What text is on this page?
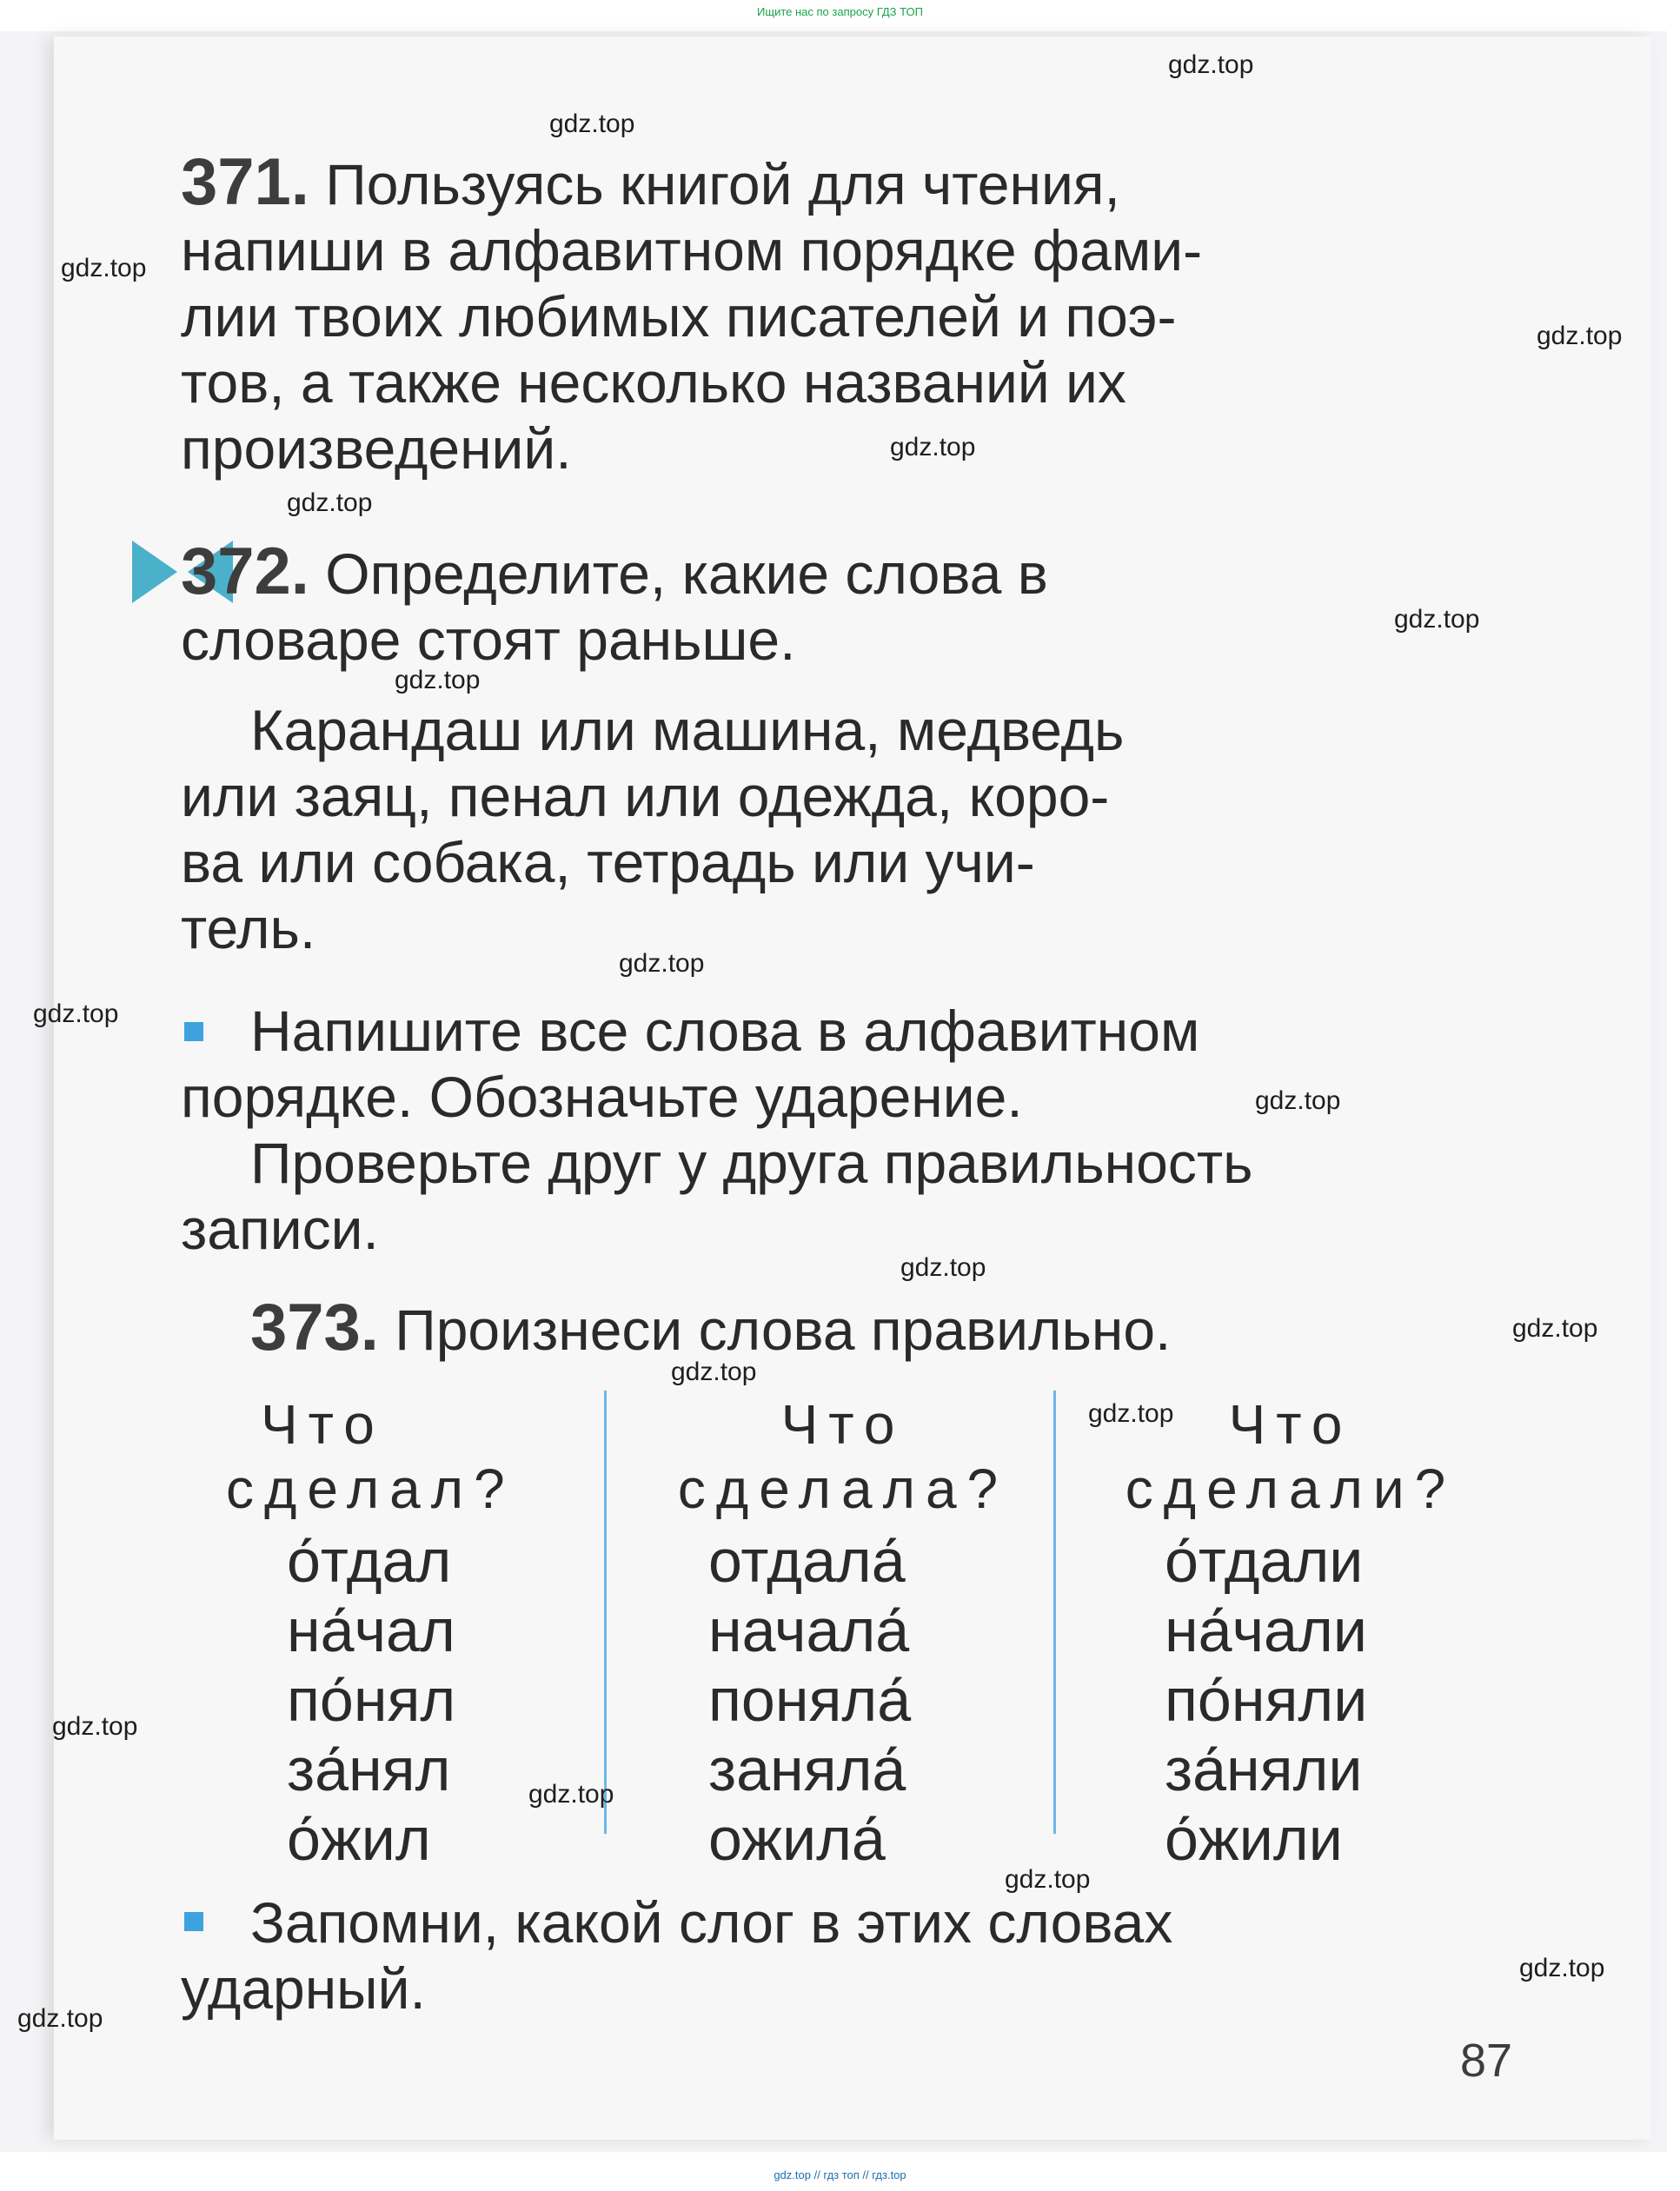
Ищите нас по запросу ГДЗ ТОП
371. Пользуясь книгой для чтения,
напиши в алфавитном порядке фами-
лии твоих любимых писателей и поэ-
тов, а также несколько названий их
произведений.
372. Определите, какие слова в
словаре стоят раньше.
Карандаш или машина, медведь
или заяц, пенал или одежда, коро-
ва или собака, тетрадь или учи-
тель.
Напишите все слова в алфавитном
порядке. Обозначьте ударение.
Проверьте друг у друга правильность
записи.
373. Произнеси слова правильно.
Что
сделал?
Что
сделала?
Что
сделали?
о́тдал
на́чал
по́нял
за́нял
о́жил
отдала́
начала́
поняла́
заняла́
ожила́
о́тдали
на́чали
по́няли
за́няли
о́жили
Запомни, какой слог в этих словах
ударный.
87
gdz.top
gdz.top
gdz.top
gdz.top
gdz.top
gdz.top
gdz.top
gdz.top
gdz.top
gdz.top
gdz.top
gdz.top
gdz.top
gdz.top
gdz.top
gdz.top
gdz.top
gdz.top
gdz.top
gdz.top
gdz.top // гдз топ // гдз.top
